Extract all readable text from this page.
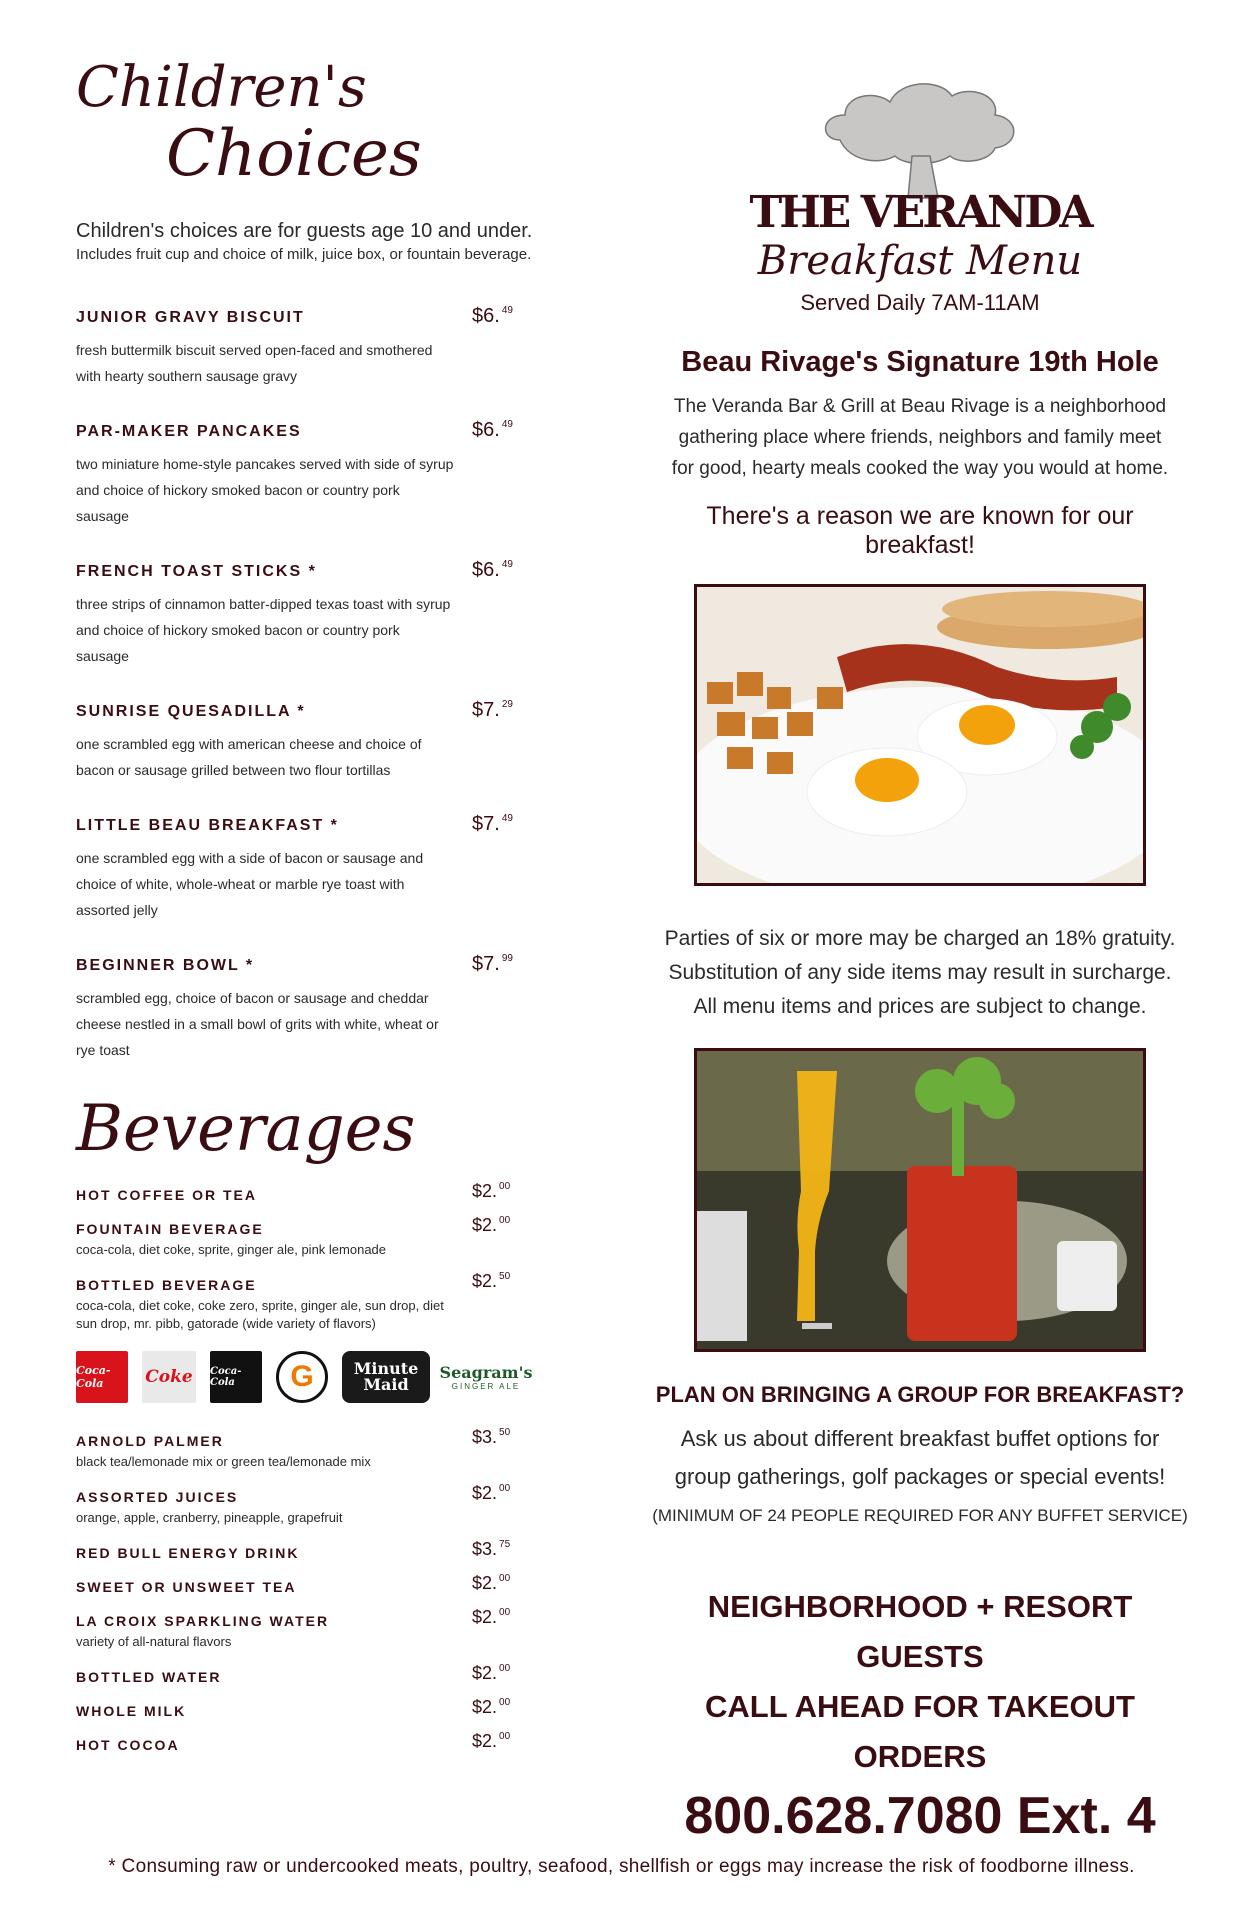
Children's
Choices
Children's choices are for guests age 10 and under.
Includes fruit cup and choice of milk, juice box, or fountain beverage.
JUNIOR GRAVY BISCUIT	$6. $^{49}$
fresh buttermilk biscuit served open-faced and smothered with hearty southern sausage gravy
PAR-MAKER PANCAKES	$6. $^{49}$
two miniature home-style pancakes served with side of syrup and choice of hickory smoked bacon or country pork sausage
FRENCH TOAST STICKS *	$6. $^{49}$
three strips of cinnamon batter-dipped texas toast with syrup and choice of hickory smoked bacon or country pork sausage
SUNRISE QUESADILLA *	$7. $^{29}$
one scrambled egg with american cheese and choice of bacon or sausage grilled between two flour tortillas
LITTLE BEAU BREAKFAST *	$7. $^{49}$
one scrambled egg with a side of bacon or sausage and choice of white, whole-wheat or marble rye toast with assorted jelly
BEGINNER BOWL *	$7. $^{99}$
scrambled egg, choice of bacon or sausage and cheddar cheese nestled in a small bowl of grits with white, wheat or rye toast
Beverages
HOT COFFEE OR TEA	$2. $^{00}$
FOUNTAIN BEVERAGE	$2. $^{00}$
coca-cola, diet coke, sprite, ginger ale, pink lemonade
BOTTLED BEVERAGE	$2. $^{50}$
coca-cola, diet coke, coke zero, sprite, ginger ale, sun drop, diet sun drop, mr. pibb, gatorade (wide variety of flavors)
Coca-Cola	Coke	Coca-Cola	G	Minute Maid
Seagram's
GINGER ALE
ARNOLD PALMER	$3. $^{50}$
black tea/lemonade mix or green tea/lemonade mix
ASSORTED JUICES	$2. $^{00}$
orange, apple, cranberry, pineapple, grapefruit
RED BULL ENERGY DRINK	$3. $^{75}$
SWEET OR UNSWEET TEA	$2. $^{00}$
LA CROIX SPARKLING WATER	$2. $^{00}$
variety of all-natural flavors
BOTTLED WATER	$2. $^{00}$
WHOLE MILK	$2. $^{00}$
HOT COCOA	$2. $^{00}$
THE VERANDA
Breakfast Menu
Served Daily 7AM-11AM
Beau Rivage's Signature 19th Hole
The Veranda Bar & Grill at Beau Rivage is a neighborhood
gathering place where friends, neighbors and family meet
for good, hearty meals cooked the way you would at home.
There's a reason we are known for our breakfast!
Parties of six or more may be charged an 18% gratuity.
Substitution of any side items may result in surcharge.
All menu items and prices are subject to change.
PLAN ON BRINGING A GROUP FOR BREAKFAST?
Ask us about different breakfast buffet options for
group gatherings, golf packages or special events!
(MINIMUM OF 24 PEOPLE REQUIRED FOR ANY BUFFET SERVICE)
NEIGHBORHOOD + RESORT GUESTS
CALL AHEAD FOR TAKEOUT ORDERS
800.628.7080 Ext. 4
* Consuming raw or undercooked meats, poultry, seafood, shellfish or eggs may increase the risk of foodborne illness.
